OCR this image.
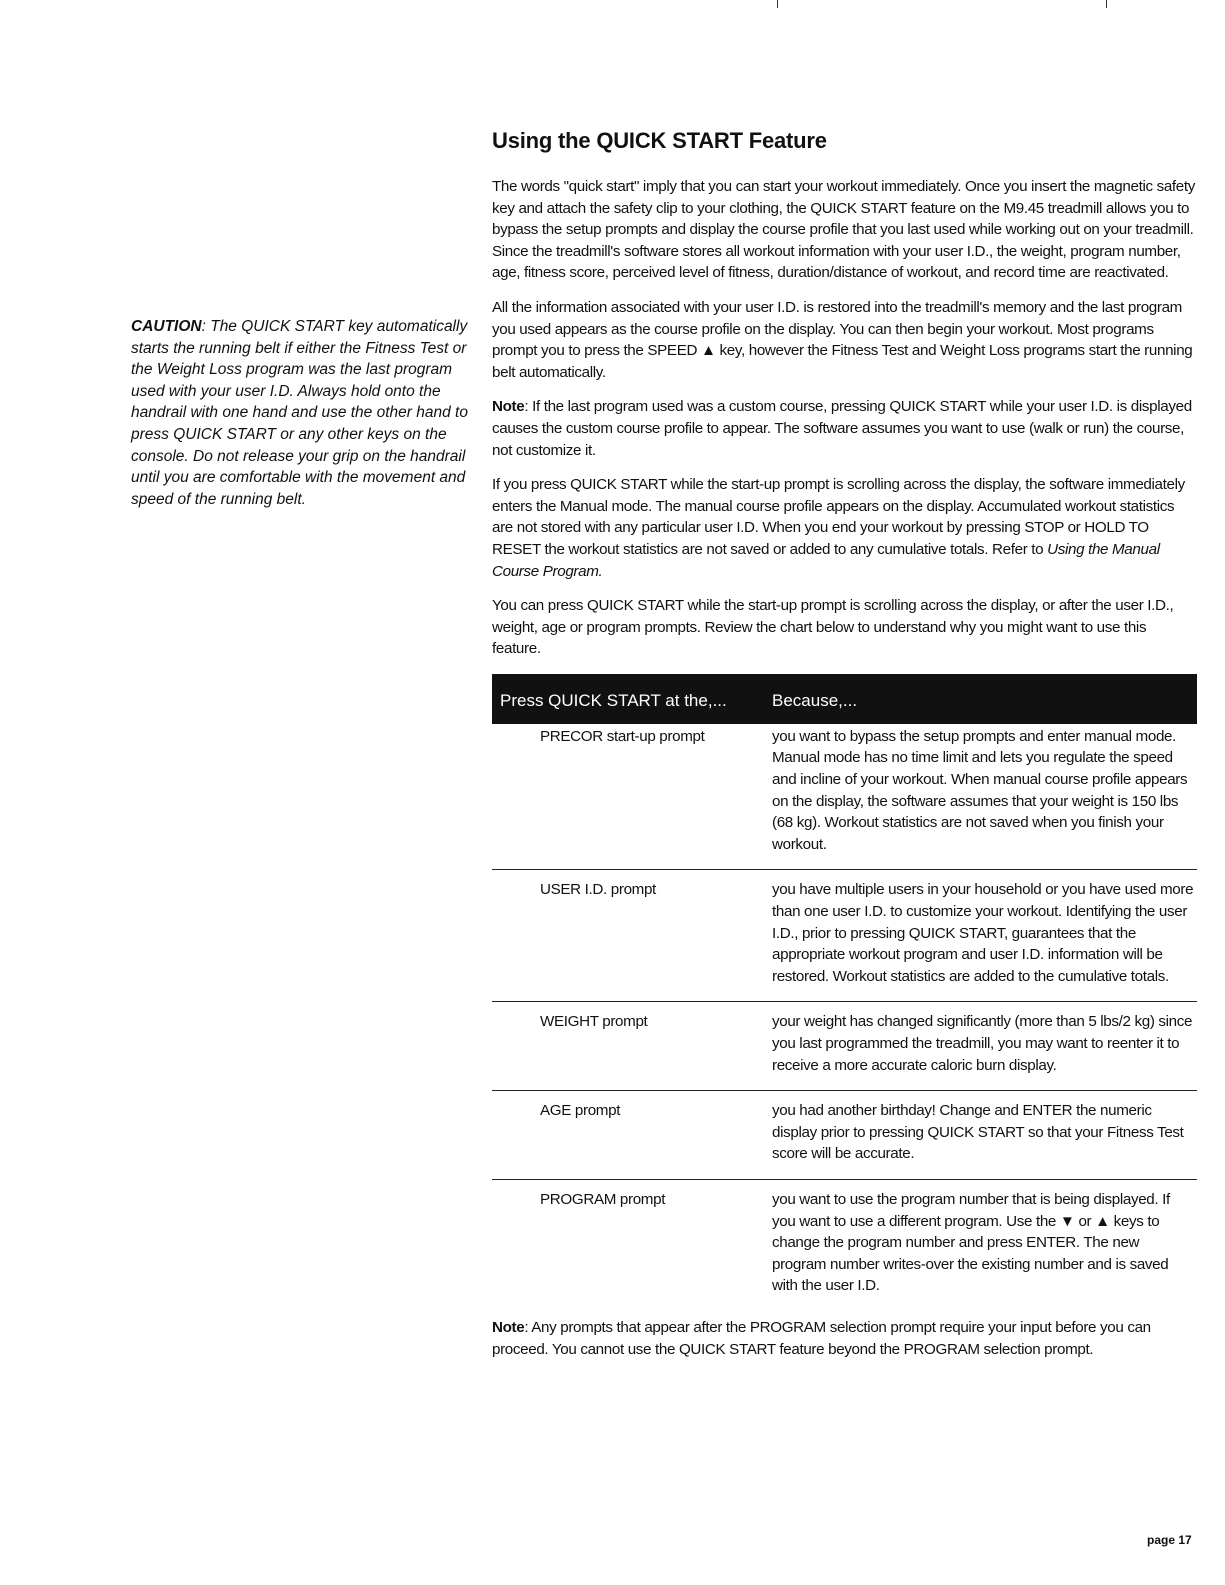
CAUTION: The QUICK START key automatically starts the running belt if either the Fitness Test or the Weight Loss program was the last program used with your user I.D. Always hold onto the handrail with one hand and use the other hand to press QUICK START or any other keys on the console. Do not release your grip on the handrail until you are comfortable with the movement and speed of the running belt.

Using the QUICK START Feature

The words "quick start" imply that you can start your workout immediately. Once you insert the magnetic safety key and attach the safety clip to your clothing, the QUICK START feature on the M9.45 treadmill allows you to bypass the setup prompts and display the course profile that you last used while working out on your treadmill. Since the treadmill's software stores all workout information with your user I.D., the weight, program number, age, fitness score, perceived level of fitness, duration/distance of workout, and record time are reactivated.

All the information associated with your user I.D. is restored into the treadmill's memory and the last program you used appears as the course profile on the display. You can then begin your workout. Most programs prompt you to press the SPEED ▲ key, however the Fitness Test and Weight Loss programs start the running belt automatically.

Note: If the last program used was a custom course, pressing QUICK START while your user I.D. is displayed causes the custom course profile to appear. The software assumes you want to use (walk or run) the course, not customize it.

If you press QUICK START while the start-up prompt is scrolling across the display, the software immediately enters the Manual mode. The manual course profile appears on the display. Accumulated workout statistics are not stored with any particular user I.D. When you end your workout by pressing STOP or HOLD TO RESET the workout statistics are not saved or added to any cumulative totals. Refer to Using the Manual Course Program.

You can press QUICK START while the start-up prompt is scrolling across the display, or after the user I.D., weight, age or program prompts. Review the chart below to understand why you might want to use this feature.

Press QUICK START at the,...	Because,...
PRECOR start-up prompt	you want to bypass the setup prompts and enter manual mode. Manual mode has no time limit and lets you regulate the speed and incline of your workout. When manual course profile appears on the display, the software assumes that your weight is 150 lbs (68 kg). Workout statistics are not saved when you finish your workout.
USER I.D. prompt	you have multiple users in your household or you have used more than one user I.D. to customize your workout. Identifying the user I.D., prior to pressing QUICK START, guarantees that the appropriate workout program and user I.D. information will be restored. Workout statistics are added to the cumulative totals.
WEIGHT prompt	your weight has changed significantly (more than 5 lbs/2 kg) since you last programmed the treadmill, you may want to reenter it to receive a more accurate caloric burn display.
AGE prompt	you had another birthday! Change and ENTER the numeric display prior to pressing QUICK START so that your Fitness Test score will be accurate.
PROGRAM prompt	you want to use the program number that is being displayed. If you want to use a different program. Use the ▼ or ▲ keys to change the program number and press ENTER. The new program number writes-over the existing number and is saved with the user I.D.

Note: Any prompts that appear after the PROGRAM selection prompt require your input before you can proceed. You cannot use the QUICK START feature beyond the PROGRAM selection prompt.

page 17
